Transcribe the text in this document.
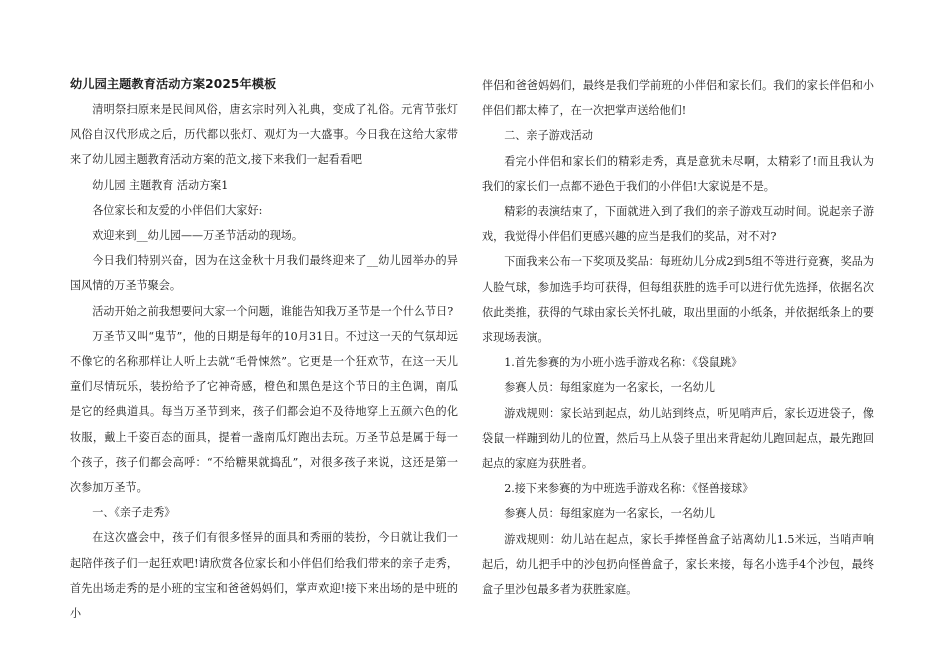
幼儿园主题教育活动方案2025年模板

清明祭扫原来是民间风俗，唐玄宗时列入礼典，变成了礼俗。元宵节张灯风俗自汉代形成之后，历代都以张灯、观灯为一大盛事。今日我在这给大家带来了幼儿园主题教育活动方案的范文,接下来我们一起看看吧

幼儿园 主题教育 活动方案1

各位家长和友爱的小伴侣们大家好:

欢迎来到__幼儿园——万圣节活动的现场。

今日我们特别兴奋，因为在这金秋十月我们最终迎来了__幼儿园举办的异国风情的万圣节聚会。

活动开始之前我想要问大家一个问题，谁能告知我万圣节是一个什么节日?

万圣节又叫“鬼节”，他的日期是每年的10月31日。不过这一天的气氛却远不像它的名称那样让人听上去就“毛骨悚然”。它更是一个狂欢节，在这一天儿童们尽情玩乐，装扮给予了它神奇感，橙色和黑色是这个节日的主色调，南瓜是它的经典道具。每当万圣节到来，孩子们都会迫不及待地穿上五颜六色的化妆服，戴上千姿百态的面具，提着一盏南瓜灯跑出去玩。万圣节总是属于每一个孩子，孩子们都会高呼：“不给糖果就捣乱”，对很多孩子来说，这还是第一次参加万圣节。

一、《亲子走秀》

在这次盛会中，孩子们有很多怪异的面具和秀丽的装扮，今日就让我们一起陪伴孩子们一起狂欢吧!请欣赏各位家长和小伴侣们给我们带来的亲子走秀，首先出场走秀的是小班的宝宝和爸爸妈妈们，掌声欢迎!接下来出场的是中班的小

伴侣和爸爸妈妈们，最终是我们学前班的小伴侣和家长们。我们的家长伴侣和小伴侣们都太棒了，在一次把掌声送给他们!

二、亲子游戏活动

看完小伴侣和家长们的精彩走秀，真是意犹未尽啊，太精彩了!而且我认为我们的家长们一点都不逊色于我们的小伴侣!大家说是不是。

精彩的表演结束了，下面就进入到了我们的亲子游戏互动时间。说起亲子游戏，我觉得小伴侣们更感兴趣的应当是我们的奖品，对不对?

下面我来公布一下奖项及奖品：每班幼儿分成2到5组不等进行竞赛，奖品为人脸气球，参加选手均可获得，但每组获胜的选手可以进行优先选择，依据名次依此类推，获得的气球由家长关怀扎破，取出里面的小纸条，并依据纸条上的要求现场表演。

1.首先参赛的为小班小选手游戏名称：《袋鼠跳》

参赛人员：每组家庭为一名家长，一名幼儿

游戏规则：家长站到起点，幼儿站到终点，听见哨声后，家长迈进袋子，像袋鼠一样蹦到幼儿的位置，然后马上从袋子里出来背起幼儿跑回起点，最先跑回起点的家庭为获胜者。

2.接下来参赛的为中班选手游戏名称：《怪兽接球》

参赛人员：每组家庭为一名家长，一名幼儿

游戏规则：幼儿站在起点，家长手捧怪兽盒子站离幼儿1.5米远，当哨声响起后，幼儿把手中的沙包扔向怪兽盒子，家长来接，每名小选手4个沙包，最终盒子里沙包最多者为获胜家庭。
